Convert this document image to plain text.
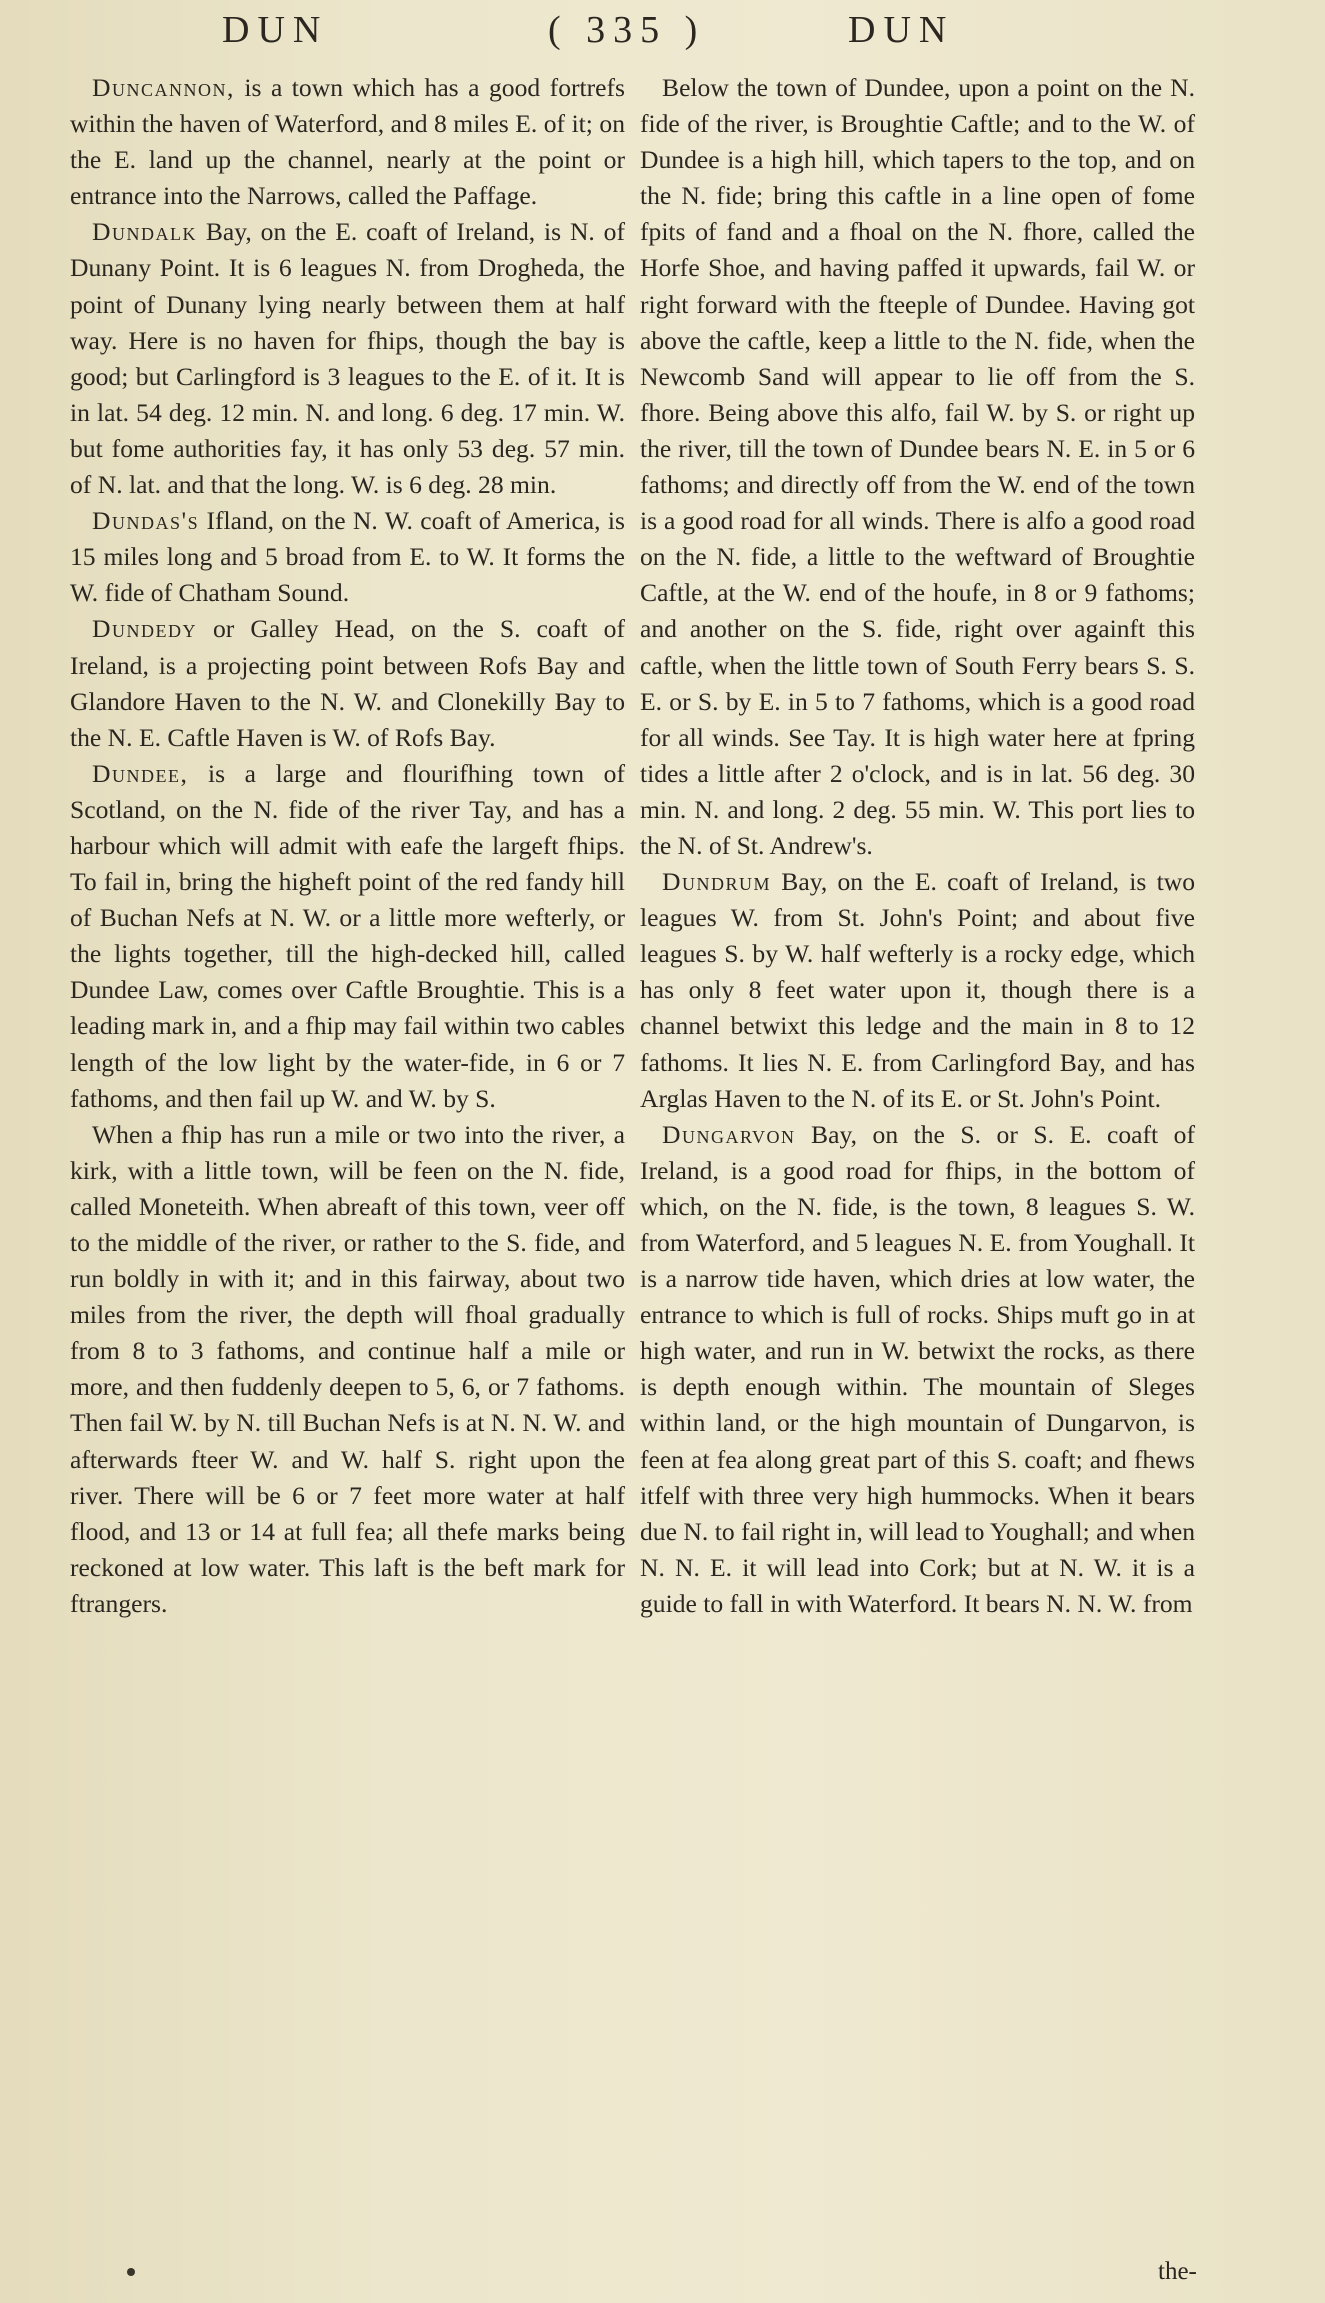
DUN	( 335 )	DUN

Duncannon, is a town which has a good fortrefs within the haven of Waterford, and 8 miles E. of it; on the E. land up the channel, nearly at the point or entrance into the Narrows, called the Paffage.

Dundalk Bay, on the E. coaft of Ireland, is N. of Dunany Point. It is 6 leagues N. from Drogheda, the point of Dunany lying nearly between them at half way. Here is no haven for fhips, though the bay is good; but Carlingford is 3 leagues to the E. of it. It is in lat. 54 deg. 12 min. N. and long. 6 deg. 17 min. W. but fome authorities fay, it has only 53 deg. 57 min. of N. lat. and that the long. W. is 6 deg. 28 min.

Dundas's Ifland, on the N. W. coaft of America, is 15 miles long and 5 broad from E. to W. It forms the W. fide of Chatham Sound.

Dundedy or Galley Head, on the S. coaft of Ireland, is a projecting point between Rofs Bay and Glandore Haven to the N. W. and Clonekilly Bay to the N. E. Caftle Haven is W. of Rofs Bay.

Dundee, is a large and flourifhing town of Scotland, on the N. fide of the river Tay, and has a harbour which will admit with eafe the largeft fhips. To fail in, bring the higheft point of the red fandy hill of Buchan Nefs at N. W. or a little more wefterly, or the lights together, till the high-decked hill, called Dundee Law, comes over Caftle Broughtie. This is a leading mark in, and a fhip may fail within two cables length of the low light by the water-fide, in 6 or 7 fathoms, and then fail up W. and W. by S.

When a fhip has run a mile or two into the river, a kirk, with a little town, will be feen on the N. fide, called Moneteith. When abreaft of this town, veer off to the middle of the river, or rather to the S. fide, and run boldly in with it; and in this fairway, about two miles from the river, the depth will fhoal gradually from 8 to 3 fathoms, and continue half a mile or more, and then fuddenly deepen to 5, 6, or 7 fathoms. Then fail W. by N. till Buchan Nefs is at N. N. W. and afterwards fteer W. and W. half S. right upon the river. There will be 6 or 7 feet more water at half flood, and 13 or 14 at full fea; all thefe marks being reckoned at low water. This laft is the beft mark for ftrangers.

Below the town of Dundee, upon a point on the N. fide of the river, is Broughtie Caftle; and to the W. of Dundee is a high hill, which tapers to the top, and on the N. fide; bring this caftle in a line open of fome fpits of fand and a fhoal on the N. fhore, called the Horfe Shoe, and having paffed it upwards, fail W. or right forward with the fteeple of Dundee. Having got above the caftle, keep a little to the N. fide, when the Newcomb Sand will appear to lie off from the S. fhore. Being above this alfo, fail W. by S. or right up the river, till the town of Dundee bears N. E. in 5 or 6 fathoms; and directly off from the W. end of the town is a good road for all winds. There is alfo a good road on the N. fide, a little to the weftward of Broughtie Caftle, at the W. end of the houfe, in 8 or 9 fathoms; and another on the S. fide, right over againft this caftle, when the little town of South Ferry bears S. S. E. or S. by E. in 5 to 7 fathoms, which is a good road for all winds. See Tay. It is high water here at fpring tides a little after 2 o'clock, and is in lat. 56 deg. 30 min. N. and long. 2 deg. 55 min. W. This port lies to the N. of St. Andrew's.

Dundrum Bay, on the E. coaft of Ireland, is two leagues W. from St. John's Point; and about five leagues S. by W. half wefterly is a rocky edge, which has only 8 feet water upon it, though there is a channel betwixt this ledge and the main in 8 to 12 fathoms. It lies N. E. from Carlingford Bay, and has Arglas Haven to the N. of its E. or St. John's Point.

Dungarvon Bay, on the S. or S. E. coaft of Ireland, is a good road for fhips, in the bottom of which, on the N. fide, is the town, 8 leagues S. W. from Waterford, and 5 leagues N. E. from Youghall. It is a narrow tide haven, which dries at low water, the entrance to which is full of rocks. Ships muft go in at high water, and run in W. betwixt the rocks, as there is depth enough within. The mountain of Sleges within land, or the high mountain of Dungarvon, is feen at fea along great part of this S. coaft; and fhews itfelf with three very high hummocks. When it bears due N. to fail right in, will lead to Youghall; and when N. N. E. it will lead into Cork; but at N. W. it is a guide to fall in with Waterford. It bears N. N. W. from

the-
